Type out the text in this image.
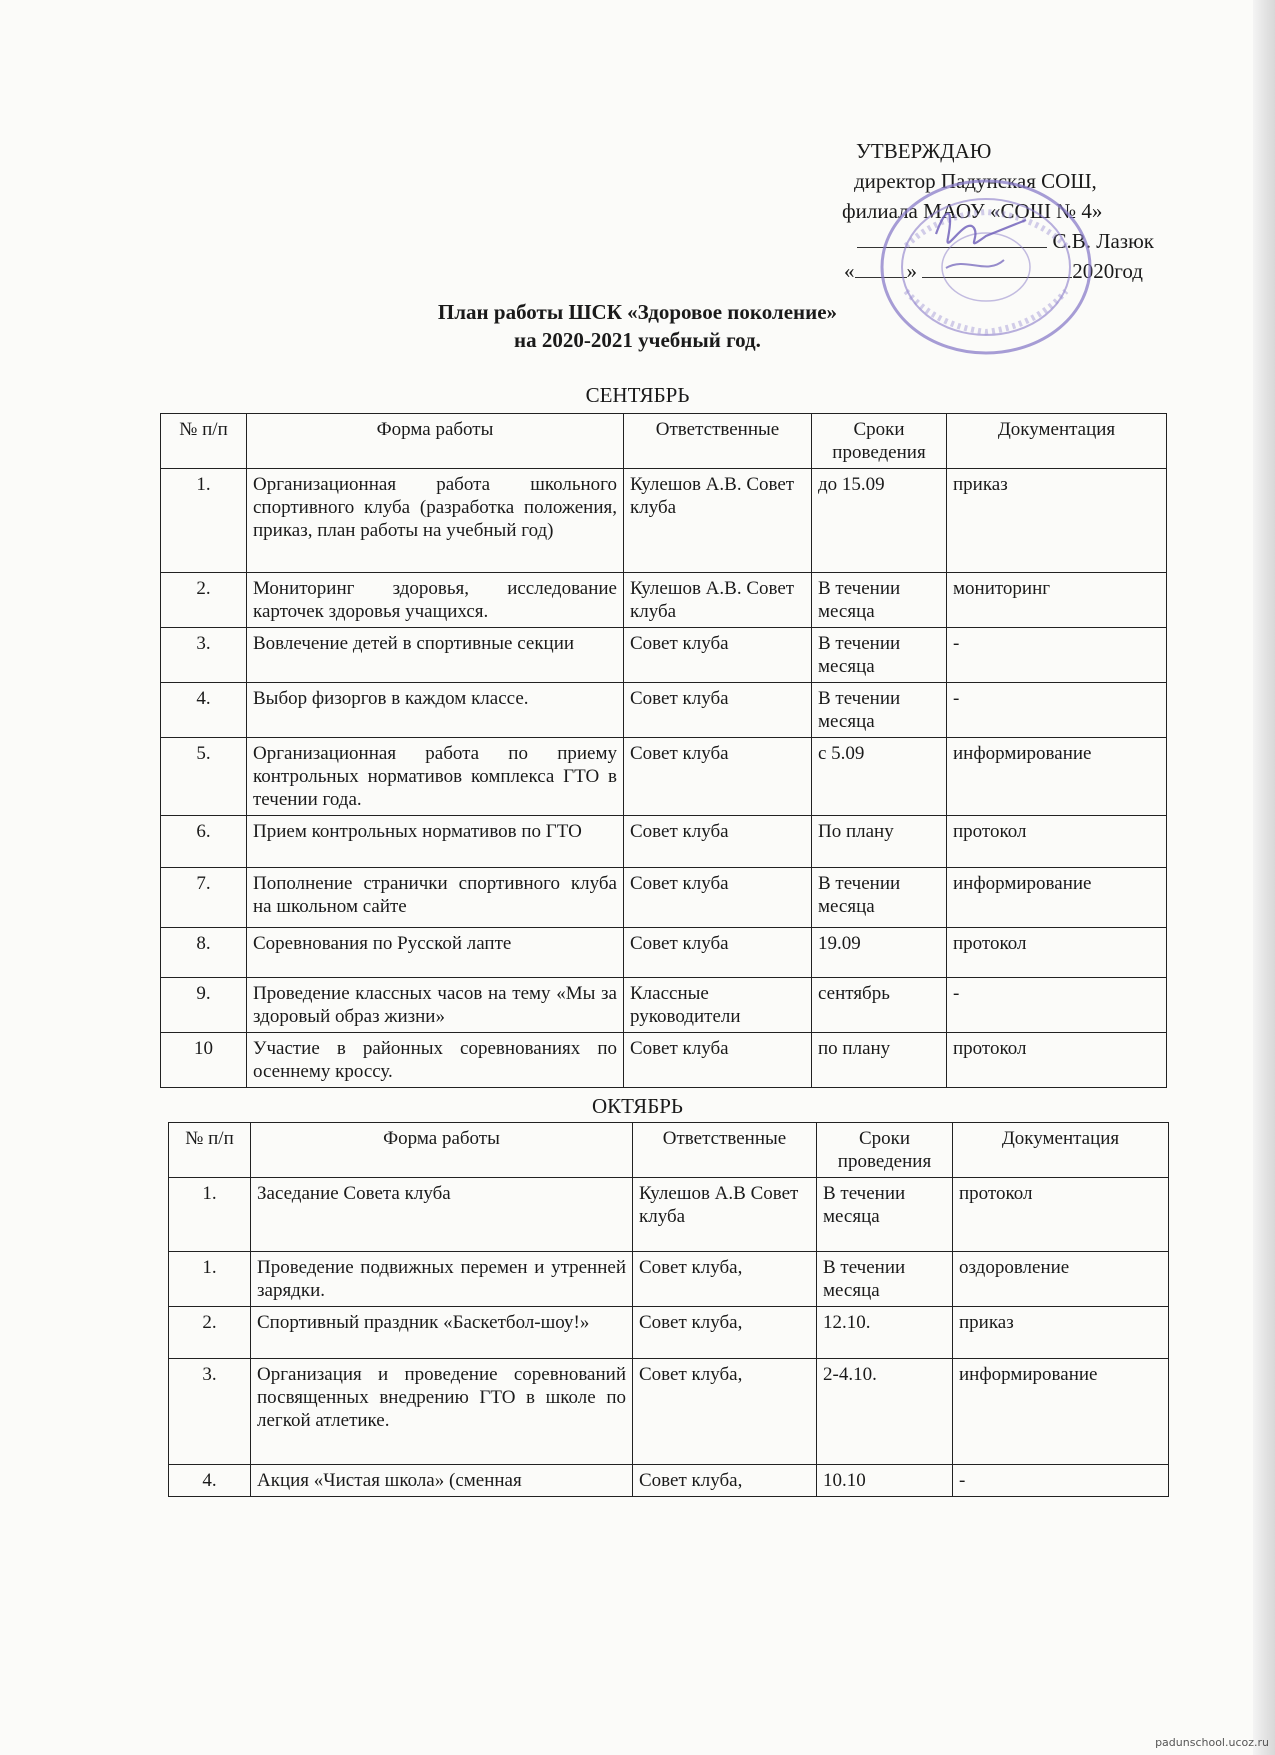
УТВЕРЖДАЮ
директор Падунская СОШ,
филиала МАОУ «СОШ № 4»
С.В. Лазюк
« »	2020год
План работы ШСК «Здоровое поколение»
на 2020-2021 учебный год.
СЕНТЯБРЬ
№ п/п	Форма работы	Ответственные	Сроки проведения	Документация
1.	Организационная работа школьного спортивного клуба (разработка положения, приказ, план работы на учебный год)	Кулешов А.В. Совет клуба	до 15.09	приказ
2.	Мониторинг здоровья, исследование карточек здоровья учащихся.	Кулешов А.В. Совет клуба	В течении месяца	мониторинг
3.	Вовлечение детей в спортивные секции	Совет клуба	В течении месяца	-
4.	Выбор физоргов в каждом классе.	Совет клуба	В течении месяца	-
5.	Организационная работа по приему контрольных нормативов комплекса ГТО в течении года.	Совет клуба	с 5.09	информирование
6.	Прием контрольных нормативов по ГТО	Совет клуба	По плану	протокол
7.	Пополнение странички спортивного клуба на школьном сайте	Совет клуба	В течении месяца	информирование
8.	Соревнования по Русской лапте	Совет клуба	19.09	протокол
9.	Проведение классных часов на тему «Мы за здоровый образ жизни»	Классные руководители	сентябрь	-
10	Участие в районных соревнованиях по осеннему кроссу.	Совет клуба	по плану	протокол
ОКТЯБРЬ
№ п/п	Форма работы	Ответственные	Сроки проведения	Документация
1.	Заседание Совета клуба	Кулешов А.В Совет клуба	В течении месяца	протокол
1.	Проведение подвижных перемен и утренней зарядки.	Совет клуба,	В течении месяца	оздоровление
2.	Спортивный праздник «Баскетбол-шоу!»	Совет клуба,	12.10.	приказ
3.	Организация и проведение соревнований посвященных внедрению ГТО в школе по легкой атлетике.	Совет клуба,	2-4.10.	информирование
4.	Акция «Чистая школа» (сменная	Совет клуба,	10.10	-
padunschool.ucoz.ru
